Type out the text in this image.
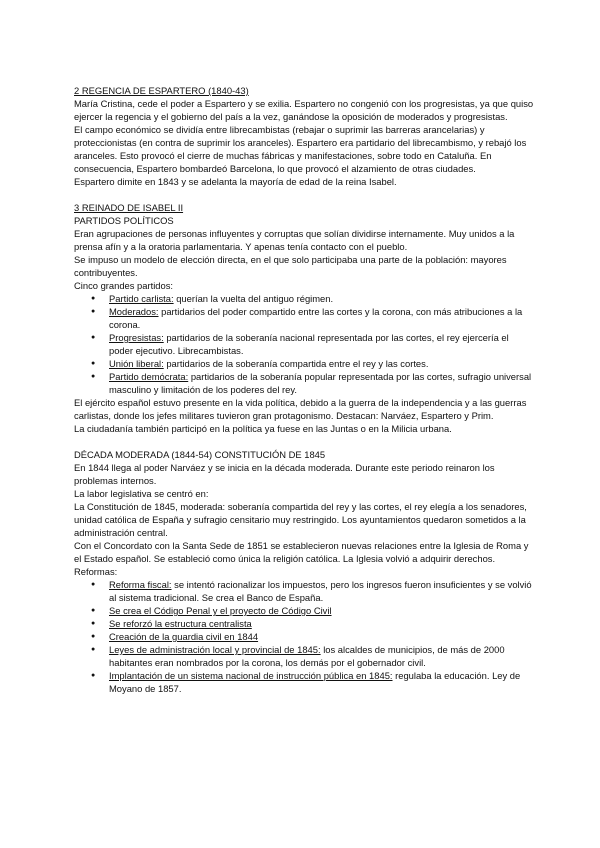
2 REGENCIA DE ESPARTERO (1840-43)

María Cristina, cede el poder a Espartero y se exilia. Espartero no congenió con los progresistas, ya que quiso ejercer la regencia y el gobierno del país a la vez, ganándose la oposición de moderados y progresistas.

El campo económico se dividía entre librecambistas (rebajar o suprimir las barreras arancelarias) y proteccionistas (en contra de suprimir los aranceles). Espartero era partidario del librecambismo, y rebajó los aranceles. Esto provocó el cierre de muchas fábricas y manifestaciones, sobre todo en Cataluña. En consecuencia, Espartero bombardeó Barcelona, lo que provocó el alzamiento de otras ciudades.

Espartero dimite en 1843 y se adelanta la mayoría de edad de la reina Isabel.

3 REINADO DE ISABEL II

PARTIDOS POLÍTICOS

Eran agrupaciones de personas influyentes y corruptas que solían dividirse internamente. Muy unidos a la prensa afín y a la oratoria parlamentaria. Y apenas tenía contacto con el pueblo.

Se impuso un modelo de elección directa, en el que solo participaba una parte de la población: mayores contribuyentes.

Cinco grandes partidos:

● Partido carlista: querían la vuelta del antiguo régimen.
● Moderados: partidarios del poder compartido entre las cortes y la corona, con más atribuciones a la corona.
● Progresistas: partidarios de la soberanía nacional representada por las cortes, el rey ejercería el poder ejecutivo. Librecambistas.
● Unión liberal: partidarios de la soberanía compartida entre el rey y las cortes.
● Partido demócrata: partidarios de la soberanía popular representada por las cortes, sufragio universal masculino y limitación de los poderes del rey.

El ejército español estuvo presente en la vida política, debido a la guerra de la independencia y a las guerras carlistas, donde los jefes militares tuvieron gran protagonismo. Destacan: Narváez, Espartero y Prim.

La ciudadanía también participó en la política ya fuese en las Juntas o en la Milicia urbana.

DÉCADA MODERADA (1844-54) CONSTITUCIÓN DE 1845

En 1844 llega al poder Narváez y se inicia en la década moderada. Durante este periodo reinaron los problemas internos.

La labor legislativa se centró en:

La Constitución de 1845, moderada: soberanía compartida del rey y las cortes, el rey elegía a los senadores, unidad católica de España y sufragio censitario muy restringido. Los ayuntamientos quedaron sometidos a la administración central.

Con el Concordato con la Santa Sede de 1851 se establecieron nuevas relaciones entre la Iglesia de Roma y el Estado español. Se estableció como única la religión católica. La Iglesia volvió a adquirir derechos.

Reformas:

● Reforma fiscal: se intentó racionalizar los impuestos, pero los ingresos fueron insuficientes y se volvió al sistema tradicional. Se crea el Banco de España.
● Se crea el Código Penal y el proyecto de Código Civil
● Se reforzó la estructura centralista
● Creación de la guardia civil en 1844
● Leyes de administración local y provincial de 1845: los alcaldes de municipios, de más de 2000 habitantes eran nombrados por la corona, los demás por el gobernador civil.
● Implantación de un sistema nacional de instrucción pública en 1845: regulaba la educación. Ley de Moyano de 1857.
